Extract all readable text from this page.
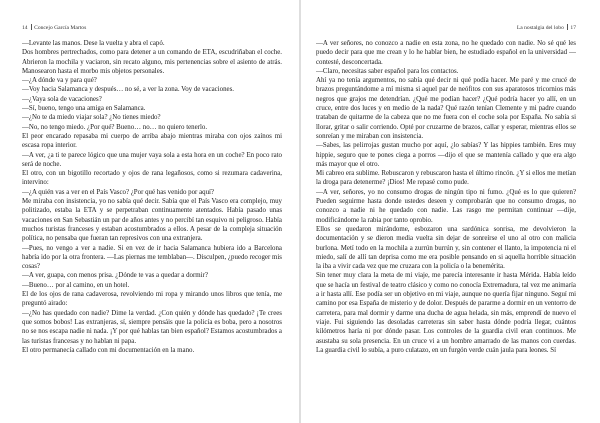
14 Concejo García Martos

—Levante las manos. Dese la vuelta y abra el capó.

Dos hombres pertrechados, como para detener a un comando de ETA, escudriñaban el coche. Abrieron la mochila y vaciaron, sin recato alguno, mis pertenencias sobre el asiento de atrás. Manosearon hasta el morbo mis objetos personales.

—¿A dónde va y para qué?

—Voy hacia Salamanca y después… no sé, a ver la zona. Voy de vacaciones.

—¿Vaya sola de vacaciones?

—Sí, bueno, tengo una amiga en Salamanca.

—¿No te da miedo viajar sola? ¿No tienes miedo?

—No, no tengo miedo. ¿Por qué? Bueno… no… no quiero tenerlo.

El peor encarado repasaba mi cuerpo de arriba abajo mientras miraba con ojos zaínos mi escasa ropa interior.

—A ver, ¿a ti te parece lógico que una mujer vaya sola a esta hora en un coche? En poco rato será de noche.

El otro, con un bigotillo recortado y ojos de rana legañosos, como si rezumara cadaverina, intervino:

—¿A quién vas a ver en el País Vasco? ¿Por qué has venido por aquí?

Me miraba con insistencia, yo no sabía qué decir. Sabía que el País Vasco era complejo, muy politizado, estaba la ETA y se perpetraban continuamente atentados. Había pasado unas vacaciones en San Sebastián un par de años antes y no percibí tan esquivo ni peligroso. Había muchos turistas franceses y estaban acostumbrados a ellos. A pesar de la compleja situación política, no pensaba que fueran tan represivos con una extranjera.

—Pues, no vengo a ver a nadie. Si en vez de ir hacia Salamanca hubiera ido a Barcelona habría ido por la otra frontera. —Las piernas me temblaban—. Disculpen, ¿puedo recoger mis cosas?

—A ver, guapa, con menos prisa. ¿Dónde te vas a quedar a dormir?

—Bueno… por al camino, en un hotel.

El de los ojos de rana cadaverosa, revolviendo mi ropa y mirando unos libros que tenía, me preguntó airado:

—¿No has quedado con nadie? Dime la verdad. ¿Con quién y dónde has quedado? ¡Te crees que somos bobos! Las extranjeras, sí, siempre pensáis que la policía es boba, pero a nosotros no se nos escapa nadie ni nada. ¡Y por qué hablas tan bien español? Estamos acostumbrados a las turistas francesas y no hablan ni papa.

El otro permanecía callado con mi documentación en la mano.

La nostalgia del lobo 17

—A ver señores, no conozco a nadie en esta zona, no he quedado con nadie. No sé qué les puedo decir para que me crean y lo he hablar bien, he estudiado español en la universidad —contesté, desconcertada.

—Claro, necesitas saber español para los contactos.

Ahí ya no tenía argumentos, no sabía qué decir ni qué podía hacer. Me paré y me crucé de brazos preguntándome a mí misma si aquel par de neófitos con sus aparatosos tricornios más negros que grajos me detendrían. ¿Qué me podían hacer? ¿Qué podría hacer yo allí, en un cruce, entre dos luces y en medio de la nada? Qué razón tenían Clemente y mi padre cuando trataban de quitarme de la cabeza que no me fuera con el coche sola por España. No sabía si llorar, gritar o salir corriendo. Opté por cruzarme de brazos, callar y esperar, mientras ellos se sonreían y me miraban con insistencia.

—Sabes, las pelirrojas gustan mucho por aquí, ¿lo sabías? Y las hippies también. Eres muy hippie, seguro que te pones ciega a porros —dijo el que se mantenía callado y que era algo más mayor que el otro.

Mi cabreo era sublime. Rebuscaron y rebuscaron hasta el último rincón. ¿Y si ellos me metían la droga para detenerme? ¡Dios! Me repasé como pude.

—A ver, señores, yo no consumo drogas de ningún tipo ni fumo. ¿Qué es lo que quieren? Pueden seguirme hasta donde ustedes deseen y comprobarán que no consumo drogas, no conozco a nadie ni he quedado con nadie. Las rasgo me permitan continuar —dije, modificándome la rabia por tanto oprobio.

Ellos se quedaron mirándome, esbozaron una sardónica sonrisa, me devolvieron la documentación y se dieron media vuelta sin dejar de sonreírse el uno al otro con malicia burlona. Metí todo en la mochila a zurrún burrún y, sin contener el llanto, la impotencia ni el miedo, salí de allí tan deprisa como me era posible pensando en si aquella horrible situación la iba a vivir cada vez que me cruzara con la policía o la benemérita.

Sin tener muy clara la meta de mi viaje, me parecía interesante ir hasta Mérida. Había leído que se hacía un festival de teatro clásico y como no conocía Extremadura, tal vez me animaría a ir hasta allí. Ese podía ser un objetivo en mi viaje, aunque no quería fijar ninguno. Seguí mi camino por esa España de misterio y de dolor. Después de pararme a dormir en un ventorro de carretera, para mal dormir y darme una ducha de agua helada, sin más, emprendí de nuevo el viaje. Fui siguiendo las desoladas carreteras sin saber hasta dónde podría llegar, cuántos kilómetros haría ni por dónde pasar. Los controles de la guardia civil eran continuos. Me asustaba su sola presencia. En un cruce vi a un hombre amarrado de las manos con cuerdas. La guardia civil lo subía, a puro culatazo, en un furgón verde cuán jaula para leones. Sí
